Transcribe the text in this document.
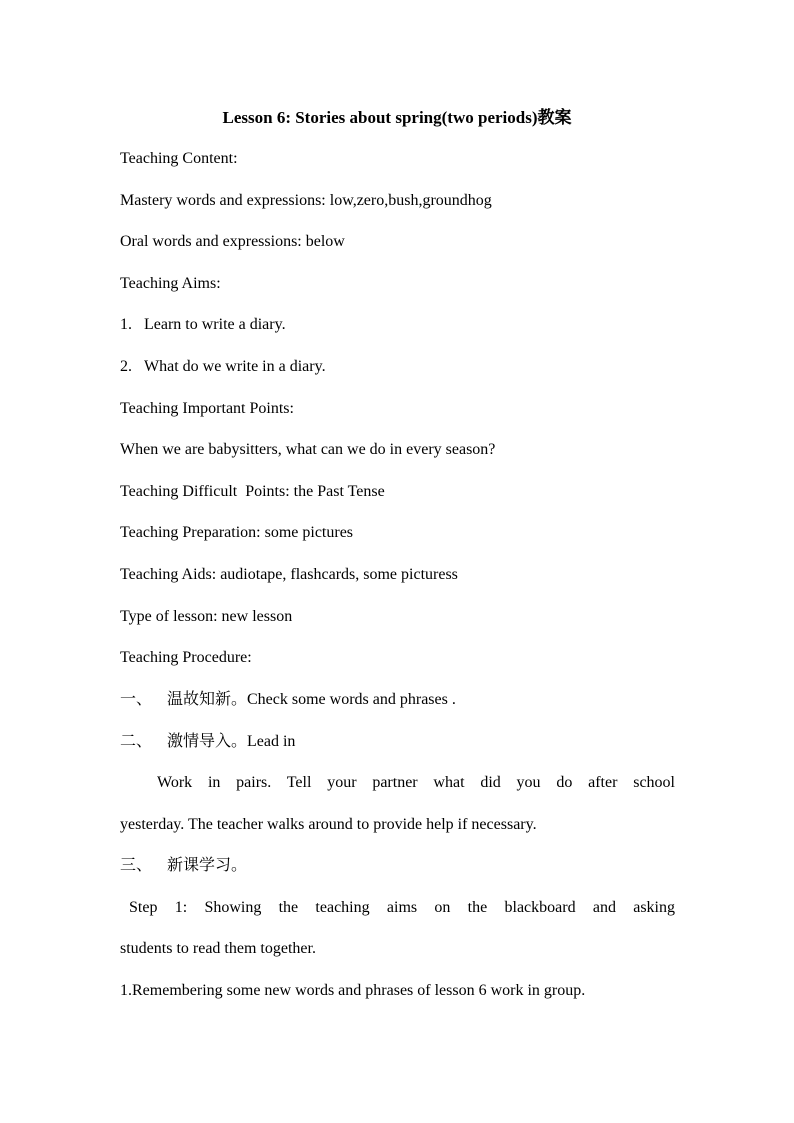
Lesson 6: Stories about spring(two periods)教案
Teaching Content:
Mastery words and expressions: low,zero,bush,groundhog
Oral words and expressions: below
Teaching Aims:
1. Learn to write a diary.
2. What do we write in a diary.
Teaching Important Points:
When we are babysitters, what can we do in every season?
Teaching Difficult  Points: the Past Tense
Teaching Preparation: some pictures
Teaching Aids: audiotape, flashcards, some picturess
Type of lesson: new lesson
Teaching Procedure:
一、 温故知新。Check some words and phrases .
二、 激情导入。Lead in
Work in pairs. Tell your partner what did you do after school
yesterday. The teacher walks around to provide help if necessary.
三、 新课学习。
Step 1: Showing the teaching aims on the blackboard and asking
students to read them together.
1.Remembering some new words and phrases of lesson 6 work in group.
